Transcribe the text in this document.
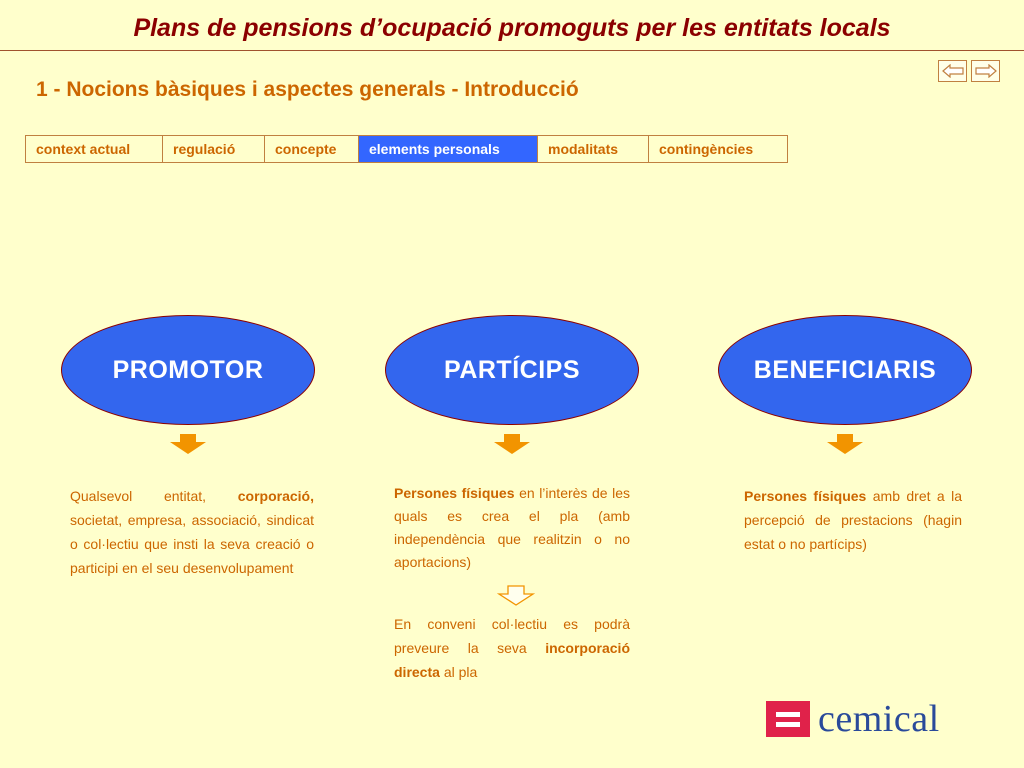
Plans de pensions d’ocupació promoguts per les entitats locals
1 - Nocions bàsiques i aspectes generals - Introducció
context actual	regulació	concepte	elements personals	modalitats	contingències
PROMOTOR

Qualsevol entitat, corporació, societat, empresa, associació, sindicat o col·lectiu que insti la seva creació o participi en el seu desenvolupament

PARTÍCIPS

Persones físiques en l’interès de les quals es crea el pla (amb independència que realitzin o no aportacions)

En conveni col·lectiu es podrà preveure la seva incorporació directa al pla

BENEFICIARIS

Persones físiques amb dret a la percepció de prestacions (hagin estat o no partícips)

cemical
